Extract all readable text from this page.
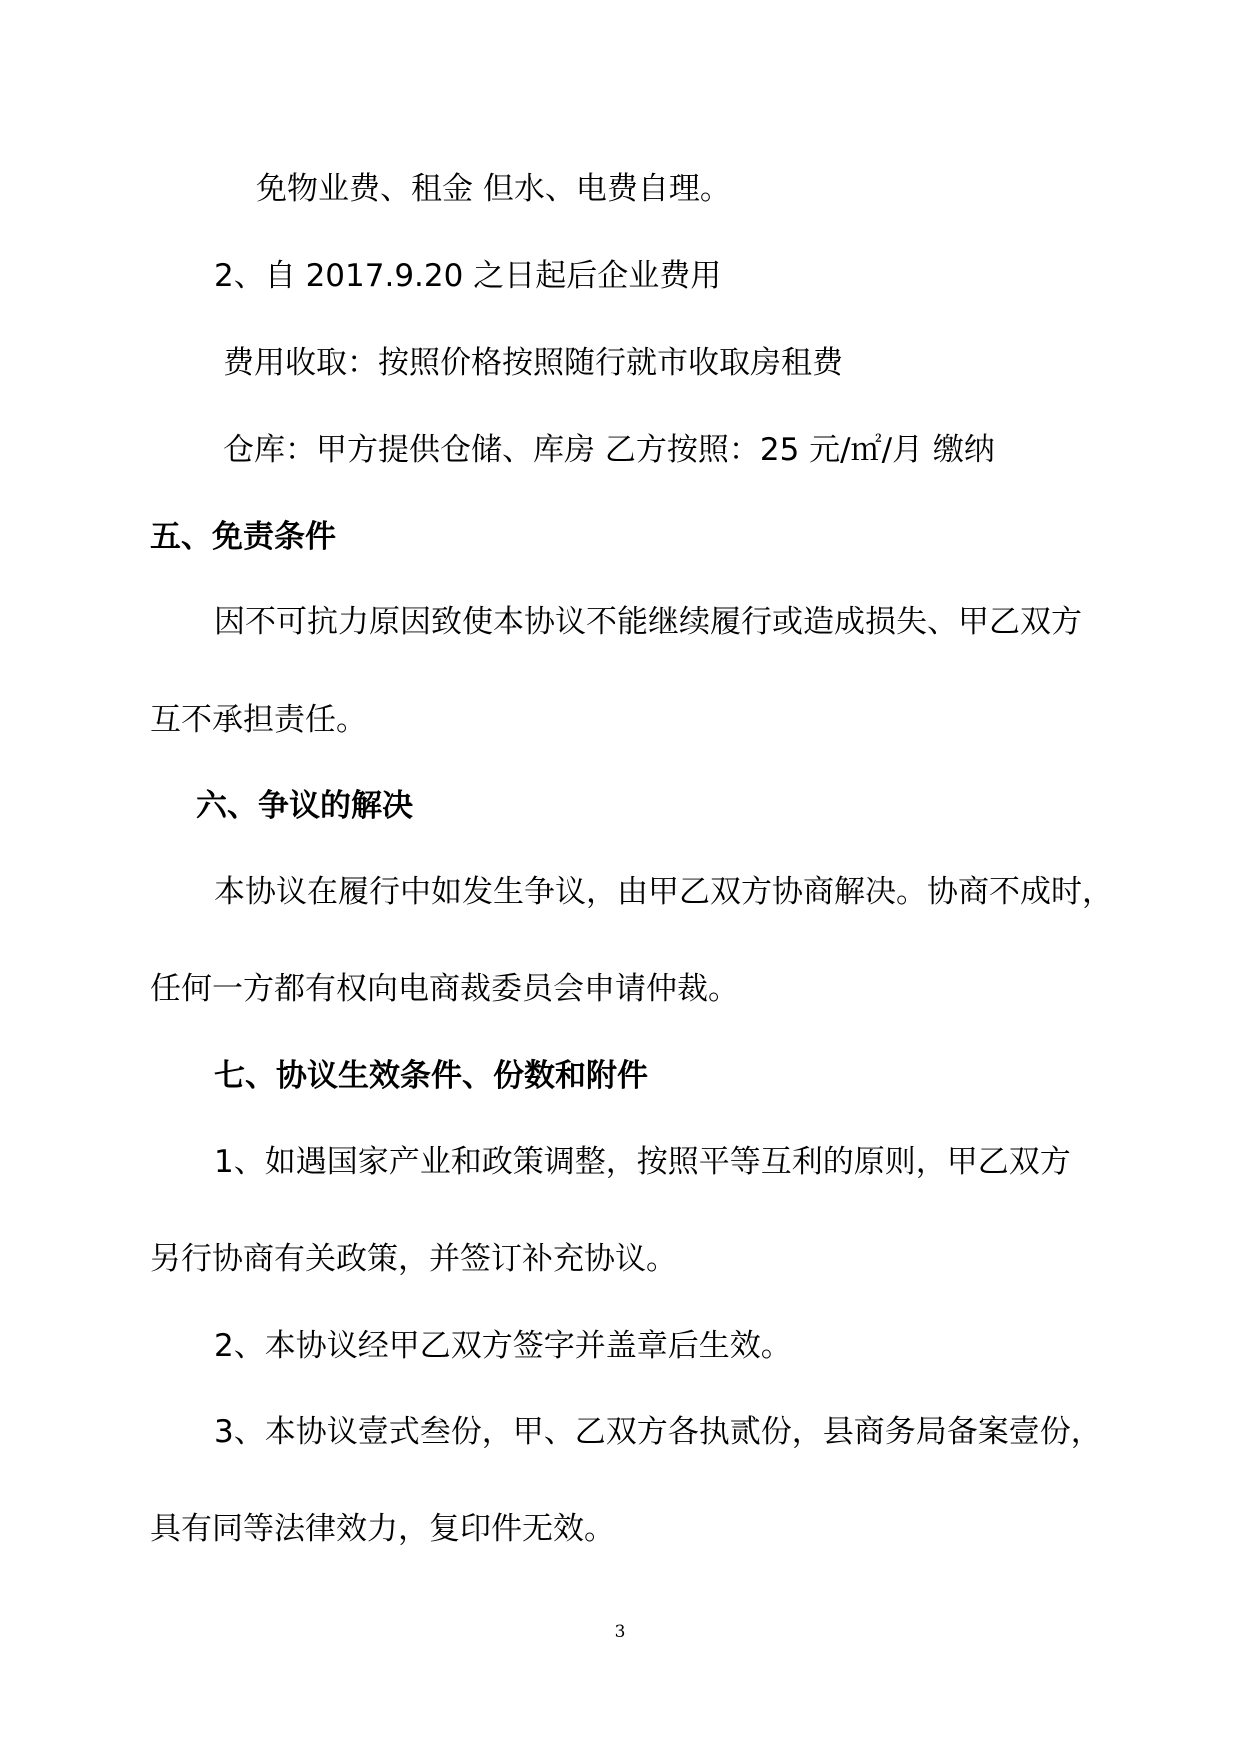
免物业费、租金 但水、电费自理。
2、自 2017.9.20 之日起后企业费用
费用收取：按照价格按照随行就市收取房租费
仓库：甲方提供仓储、库房 乙方按照：25 元/㎡/月 缴纳
五、免责条件
因不可抗力原因致使本协议不能继续履行或造成损失、甲乙双方
互不承担责任。
六、争议的解决
本协议在履行中如发生争议，由甲乙双方协商解决。协商不成时，
任何一方都有权向电商裁委员会申请仲裁。
七、协议生效条件、份数和附件
1、如遇国家产业和政策调整，按照平等互利的原则，甲乙双方
另行协商有关政策，并签订补充协议。
2、本协议经甲乙双方签字并盖章后生效。
3、本协议壹式叁份，甲、乙双方各执贰份，县商务局备案壹份，
具有同等法律效力，复印件无效。
3
